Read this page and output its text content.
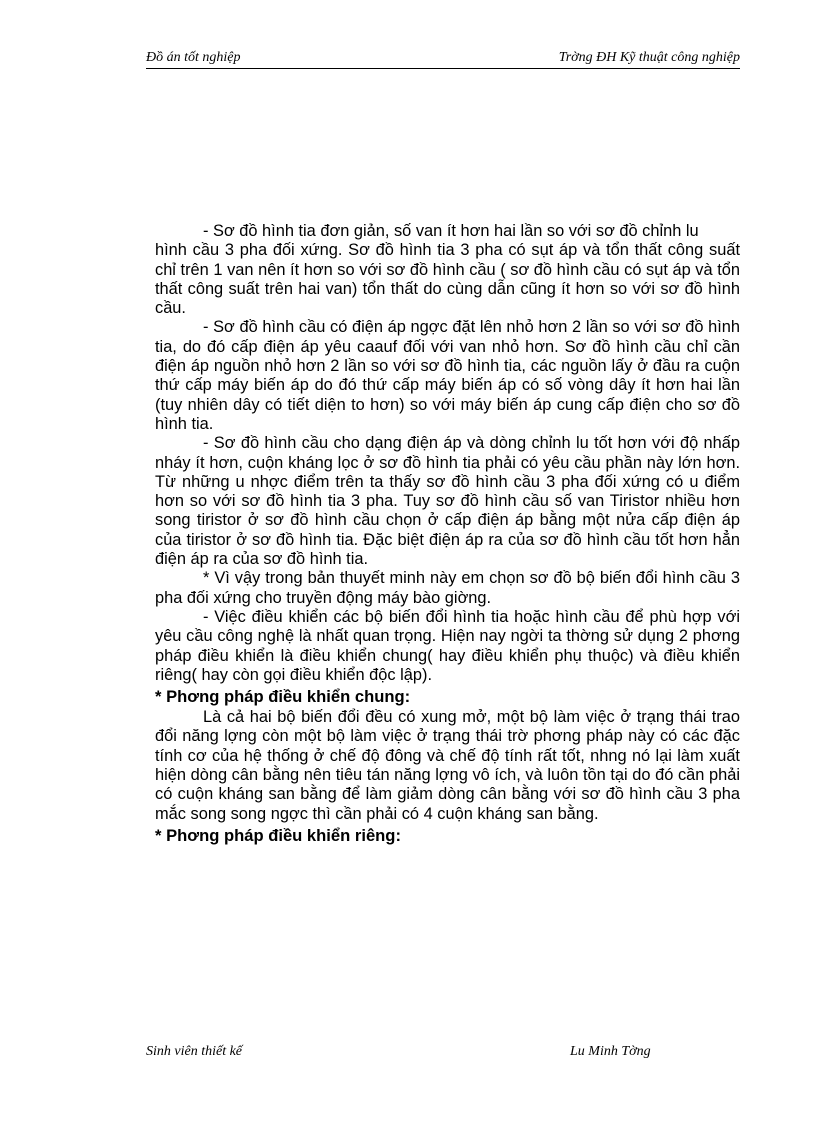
Đồ án tốt nghiệp	Trờng ĐH Kỹ thuật công nghiệp

- Sơ đồ hình tia đơn giản, số van ít hơn hai lần so với sơ đồ chỉnh lu

hình cầu 3 pha đối xứng. Sơ đồ hình tia 3 pha có sụt áp và tổn thất công suất chỉ trên 1 van nên ít hơn so với sơ đồ hình cầu ( sơ đồ hình cầu có sụt áp và tổn thất công suất trên hai van) tổn thất do cùng dẫn cũng ít hơn so với sơ đồ hình cầu.

- Sơ đồ hình cầu có điện áp ngợc đặt lên nhỏ hơn 2 lần so với sơ đồ hình tia, do đó cấp điện áp yêu caauf đối với van nhỏ hơn. Sơ đồ hình cầu chỉ cần điện áp nguồn nhỏ hơn 2 lần so với sơ đồ hình tia, các nguồn lấy ở đầu ra cuộn thứ cấp máy biến áp do đó thứ cấp máy biến áp có số vòng dây ít hơn hai lần (tuy nhiên dây có tiết diện to hơn) so với máy biến áp cung cấp điện cho sơ đồ hình tia.

- Sơ đồ hình cầu cho dạng điện áp và dòng chỉnh lu tốt hơn với độ nhấp nháy ít hơn, cuộn kháng lọc ở sơ đồ hình tia phải có yêu cầu phần này lớn hơn. Từ những u nhợc điểm trên ta thấy sơ đồ hình cầu 3 pha đối xứng có u điểm hơn so với sơ đồ hình tia 3 pha. Tuy sơ đồ hình cầu số van Tiristor nhiều hơn song tiristor ở sơ đồ hình cầu chọn ở cấp điện áp bằng một nửa cấp điện áp của tiristor ở sơ đồ hình tia. Đặc biệt điện áp ra của sơ đồ hình cầu tốt hơn hẳn điện áp ra của sơ đồ hình tia.

* Vì vậy trong bản thuyết minh này em chọn sơ đồ bộ biến đổi hình cầu 3 pha đối xứng cho truyền động máy bào giờng.

- Việc điều khiển các bộ biến đổi hình tia hoặc hình cầu để phù hợp với yêu cầu công nghệ là nhất quan trọng. Hiện nay ngời ta thờng sử dụng 2 phơng pháp điều khiển là điều khiển chung( hay điều khiển phụ thuộc) và điều khiển riêng( hay còn gọi điều khiển độc lập).

* Phơng pháp điều khiển chung:

Là cả hai bộ biến đổi đều có xung mở, một bộ làm việc ở trạng thái trao đổi năng lợng còn một bộ làm việc ở trạng thái trờ phơng pháp này có các đặc tính cơ của hệ thống ở chế độ đông và chế độ tính rất tốt, nhng nó lại làm xuất hiện dòng cân bằng nên tiêu tán năng lợng vô ích, và luôn tồn tại do đó cần phải có cuộn kháng san bằng để làm giảm dòng cân bằng với sơ đồ hình cầu 3 pha mắc song song ngợc thì cần phải có 4 cuộn kháng san bằng.

* Phơng pháp điều khiển riêng:
Sinh viên thiết kế	Lu Minh Tờng
